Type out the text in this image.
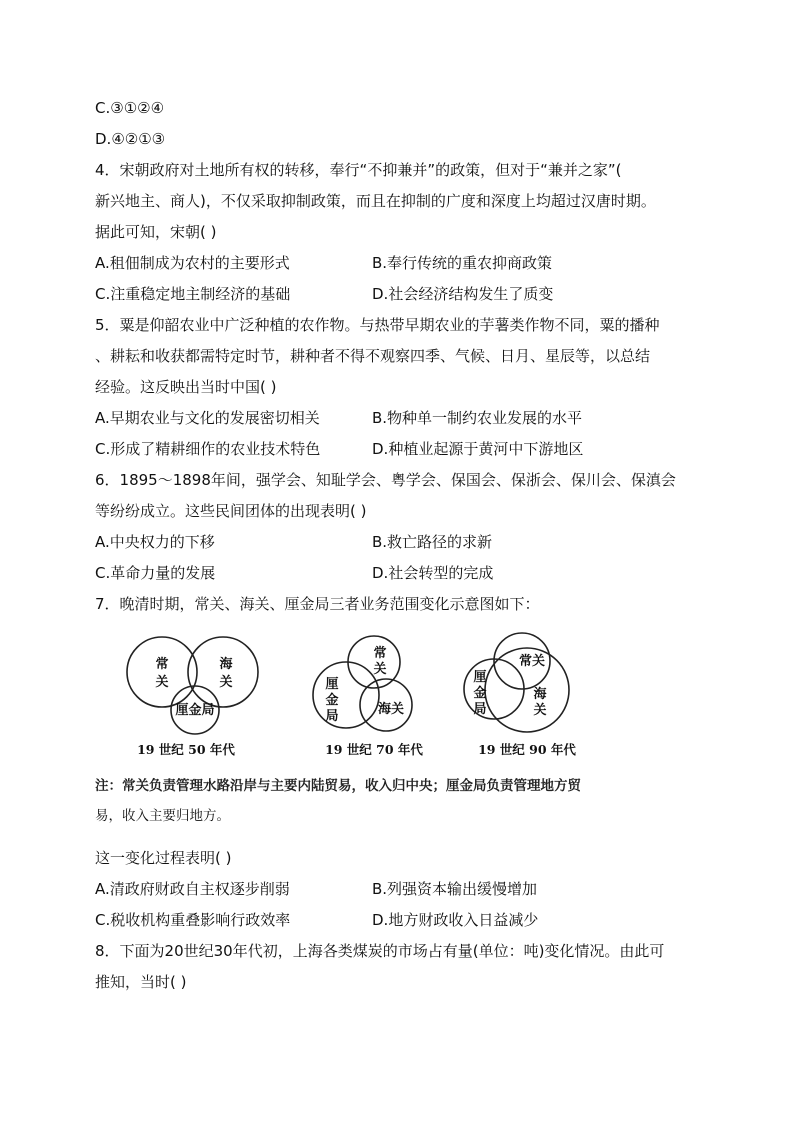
C.③①②④
D.④②①③
4．宋朝政府对土地所有权的转移，奉行“不抑兼并”的政策，但对于“兼并之家”(
新兴地主、商人)，不仅采取抑制政策，而且在抑制的广度和深度上均超过汉唐时期。
据此可知，宋朝( )
A.租佃制成为农村的主要形式	B.奉行传统的重农抑商政策
C.注重稳定地主制经济的基础	D.社会经济结构发生了质变
5．粟是仰韶农业中广泛种植的农作物。与热带早期农业的芋薯类作物不同，粟的播种
、耕耘和收获都需特定时节，耕种者不得不观察四季、气候、日月、星辰等，以总结
经验。这反映出当时中国( )
A.早期农业与文化的发展密切相关	B.物种单一制约农业发展的水平
C.形成了精耕细作的农业技术特色	D.种植业起源于黄河中下游地区
6．1895～1898年间，强学会、知耻学会、粤学会、保国会、保浙会、保川会、保滇会
等纷纷成立。这些民间团体的出现表明( )
A.中央权力的下移	B.救亡路径的求新
C.革命力量的发展	D.社会转型的完成
7．晚清时期，常关、海关、厘金局三者业务范围变化示意图如下：
常
关
海
关
厘金局
常
关
厘
金
局	海关
常关
厘
金
局
海
关
19 世纪 50 年代	19 世纪 70 年代	19 世纪 90 年代
注：常关负责管理水路沿岸与主要内陆贸易，收入归中央；厘金局负责管理地方贸
易，收入主要归地方。
这一变化过程表明( )
A.清政府财政自主权逐步削弱	B.列强资本输出缓慢增加
C.税收机构重叠影响行政效率	D.地方财政收入日益减少
8．下面为20世纪30年代初，上海各类煤炭的市场占有量(单位：吨)变化情况。由此可
推知，当时( )
